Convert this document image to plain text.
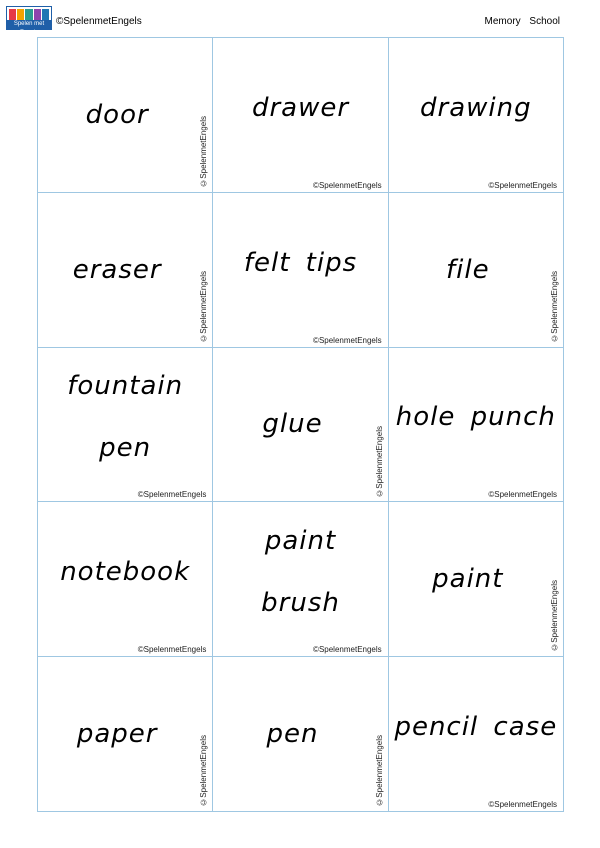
Spelen met Engels
©SpelenmetEngels	Memory School
door
©SpelenmetEngels
drawer
©SpelenmetEngels
drawing
©SpelenmetEngels
eraser
©SpelenmetEngels
felt tips
©SpelenmetEngels
file
©SpelenmetEngels
fountain
pen
©SpelenmetEngels
glue
©SpelenmetEngels
hole punch
©SpelenmetEngels
notebook
©SpelenmetEngels
paint
brush
©SpelenmetEngels
paint
©SpelenmetEngels
paper
©SpelenmetEngels
pen
©SpelenmetEngels
pencil case
©SpelenmetEngels
